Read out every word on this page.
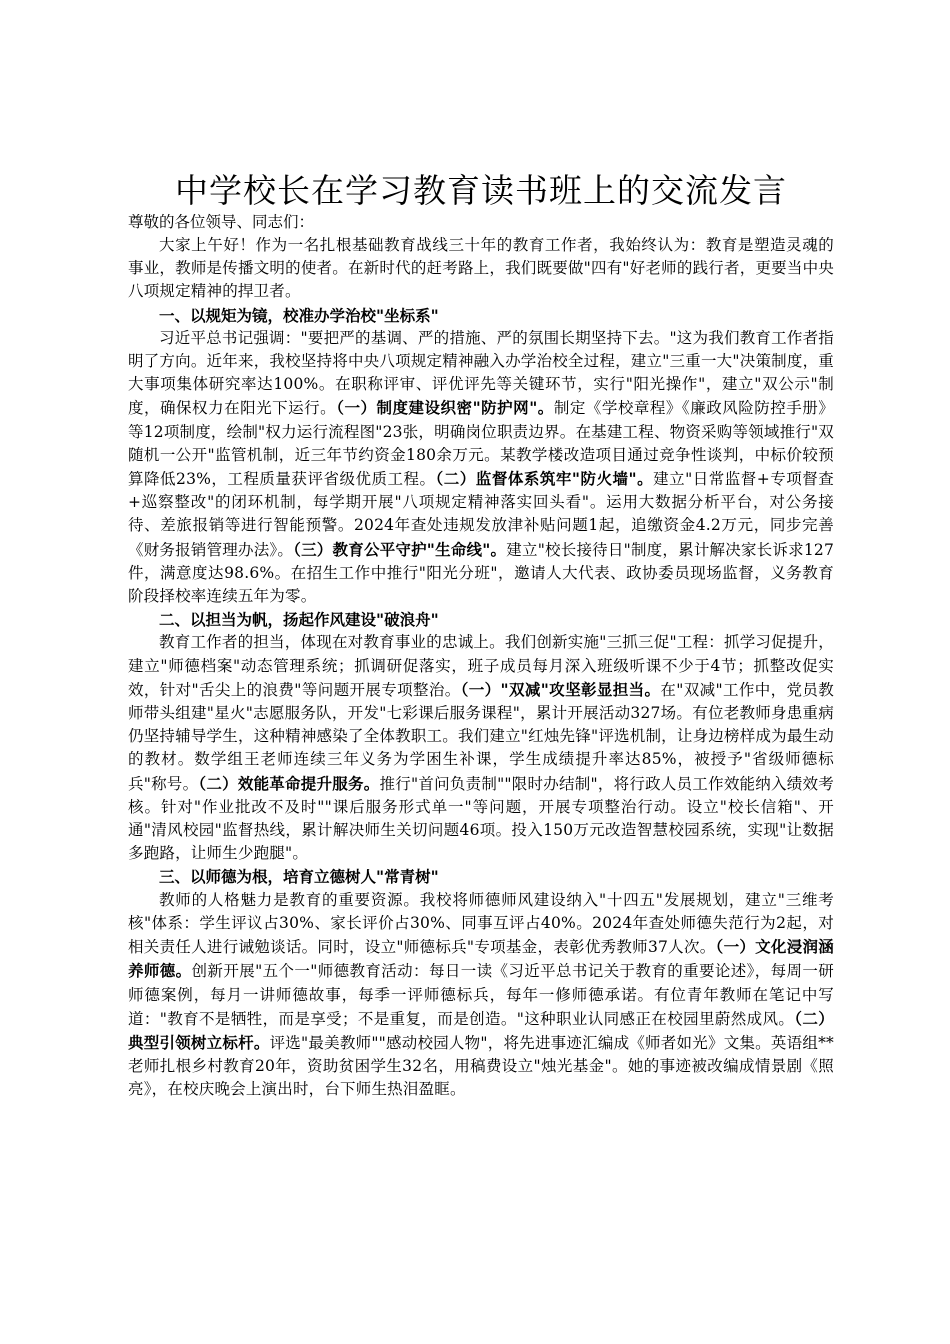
中学校长在学习教育读书班上的交流发言

尊敬的各位领导、同志们：

大家上午好！作为一名扎根基础教育战线三十年的教育工作者，我始终认为：教育是塑造灵魂的事业，教师是传播文明的使者。在新时代的赶考路上，我们既要做"四有"好老师的践行者，更要当中央八项规定精神的捍卫者。

一、以规矩为镜，校准办学治校"坐标系"

习近平总书记强调："要把严的基调、严的措施、严的氛围长期坚持下去。"这为我们教育工作者指明了方向。近年来，我校坚持将中央八项规定精神融入办学治校全过程，建立"三重一大"决策制度，重大事项集体研究率达100%。在职称评审、评优评先等关键环节，实行"阳光操作"，建立"双公示"制度，确保权力在阳光下运行。（一）制度建设织密"防护网"。制定《学校章程》《廉政风险防控手册》等12项制度，绘制"权力运行流程图"23张，明确岗位职责边界。在基建工程、物资采购等领域推行"双随机一公开"监管机制，近三年节约资金180余万元。某教学楼改造项目通过竞争性谈判，中标价较预算降低23%，工程质量获评省级优质工程。（二）监督体系筑牢"防火墙"。建立"日常监督+专项督查+巡察整改"的闭环机制，每学期开展"八项规定精神落实回头看"。运用大数据分析平台，对公务接待、差旅报销等进行智能预警。2024年查处违规发放津补贴问题1起，追缴资金4.2万元，同步完善《财务报销管理办法》。（三）教育公平守护"生命线"。建立"校长接待日"制度，累计解决家长诉求127件，满意度达98.6%。在招生工作中推行"阳光分班"，邀请人大代表、政协委员现场监督，义务教育阶段择校率连续五年为零。

二、以担当为帆，扬起作风建设"破浪舟"

教育工作者的担当，体现在对教育事业的忠诚上。我们创新实施"三抓三促"工程：抓学习促提升，建立"师德档案"动态管理系统；抓调研促落实，班子成员每月深入班级听课不少于4节；抓整改促实效，针对"舌尖上的浪费"等问题开展专项整治。（一）"双减"攻坚彰显担当。在"双减"工作中，党员教师带头组建"星火"志愿服务队，开发"七彩课后服务课程"，累计开展活动327场。有位老教师身患重病仍坚持辅导学生，这种精神感染了全体教职工。我们建立"红烛先锋"评选机制，让身边榜样成为最生动的教材。数学组王老师连续三年义务为学困生补课，学生成绩提升率达85%，被授予"省级师德标兵"称号。（二）效能革命提升服务。推行"首问负责制""限时办结制"，将行政人员工作效能纳入绩效考核。针对"作业批改不及时""课后服务形式单一"等问题，开展专项整治行动。设立"校长信箱"、开通"清风校园"监督热线，累计解决师生关切问题46项。投入150万元改造智慧校园系统，实现"让数据多跑路，让师生少跑腿"。

三、以师德为根，培育立德树人"常青树"

教师的人格魅力是教育的重要资源。我校将师德师风建设纳入"十四五"发展规划，建立"三维考核"体系：学生评议占30%、家长评价占30%、同事互评占40%。2024年查处师德失范行为2起，对相关责任人进行诫勉谈话。同时，设立"师德标兵"专项基金，表彰优秀教师37人次。（一）文化浸润涵养师德。创新开展"五个一"师德教育活动：每日一读《习近平总书记关于教育的重要论述》，每周一研师德案例，每月一讲师德故事，每季一评师德标兵，每年一修师德承诺。有位青年教师在笔记中写道："教育不是牺牲，而是享受；不是重复，而是创造。"这种职业认同感正在校园里蔚然成风。（二）典型引领树立标杆。评选"最美教师""感动校园人物"，将先进事迹汇编成《师者如光》文集。英语组**老师扎根乡村教育20年，资助贫困学生32名，用稿费设立"烛光基金"。她的事迹被改编成情景剧《照亮》，在校庆晚会上演出时，台下师生热泪盈眶。
